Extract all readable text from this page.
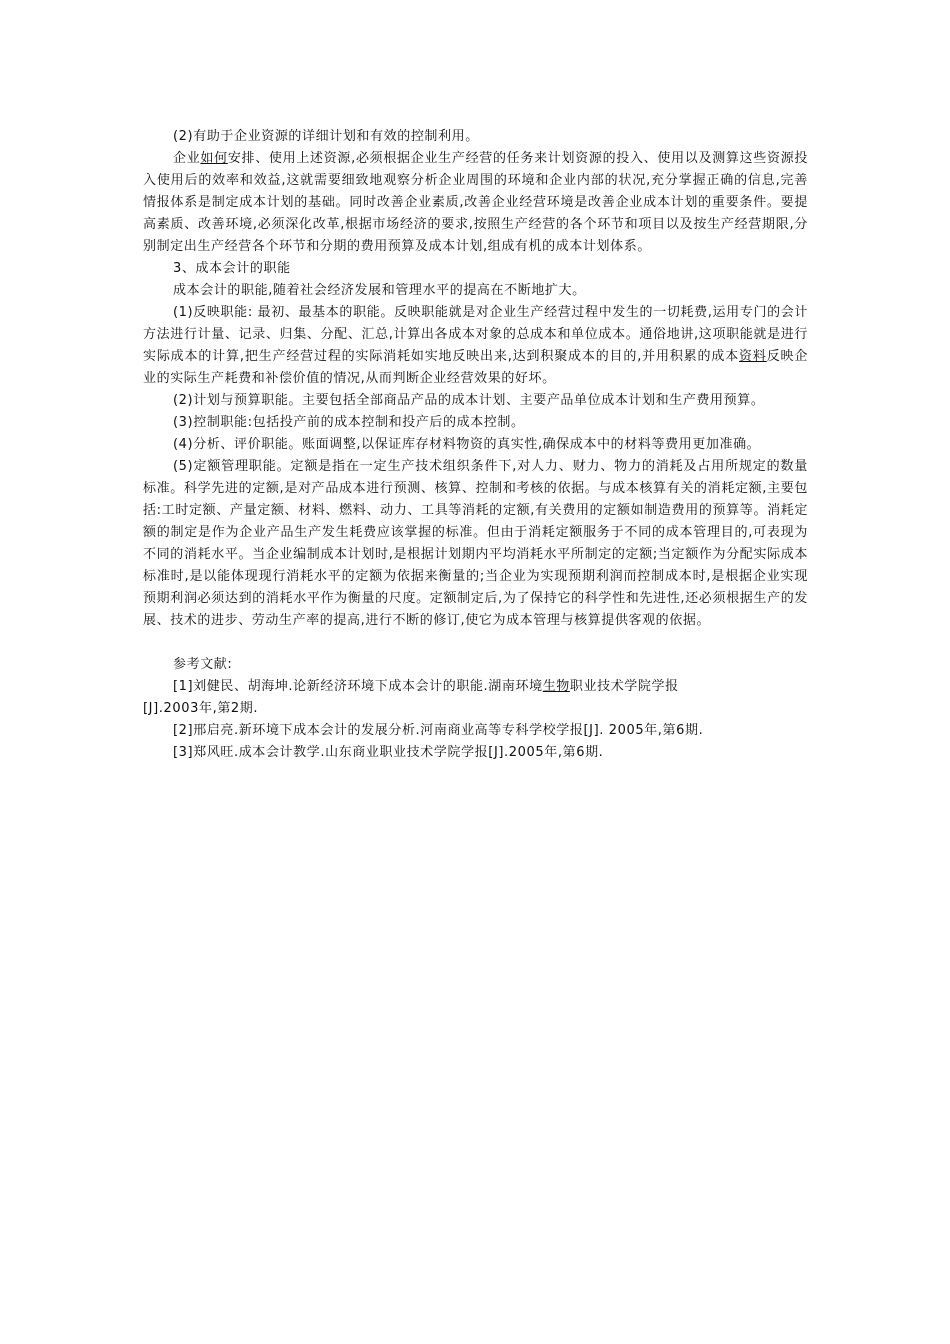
(2)有助于企业资源的详细计划和有效的控制利用。

企业如何安排、使用上述资源,必须根据企业生产经营的任务来计划资源的投入、使用以及测算这些资源投入使用后的效率和效益,这就需要细致地观察分析企业周围的环境和企业内部的状况,充分掌握正确的信息,完善情报体系是制定成本计划的基础。同时改善企业素质,改善企业经营环境是改善企业成本计划的重要条件。要提高素质、改善环境,必须深化改革,根据市场经济的要求,按照生产经营的各个环节和项目以及按生产经营期限,分别制定出生产经营各个环节和分期的费用预算及成本计划,组成有机的成本计划体系。

3、成本会计的职能

成本会计的职能,随着社会经济发展和管理水平的提高在不断地扩大。

(1)反映职能: 最初、最基本的职能。反映职能就是对企业生产经营过程中发生的一切耗费,运用专门的会计方法进行计量、记录、归集、分配、汇总,计算出各成本对象的总成本和单位成本。通俗地讲,这项职能就是进行实际成本的计算,把生产经营过程的实际消耗如实地反映出来,达到积聚成本的目的,并用积累的成本资料反映企业的实际生产耗费和补偿价值的情况,从而判断企业经营效果的好坏。

(2)计划与预算职能。主要包括全部商品产品的成本计划、主要产品单位成本计划和生产费用预算。

(3)控制职能:包括投产前的成本控制和投产后的成本控制。

(4)分析、评价职能。账面调整,以保证库存材料物资的真实性,确保成本中的材料等费用更加准确。

(5)定额管理职能。定额是指在一定生产技术组织条件下,对人力、财力、物力的消耗及占用所规定的数量标准。科学先进的定额,是对产品成本进行预测、核算、控制和考核的依据。与成本核算有关的消耗定额,主要包括:工时定额、产量定额、材料、燃料、动力、工具等消耗的定额,有关费用的定额如制造费用的预算等。消耗定额的制定是作为企业产品生产发生耗费应该掌握的标准。但由于消耗定额服务于不同的成本管理目的,可表现为不同的消耗水平。当企业编制成本计划时,是根据计划期内平均消耗水平所制定的定额;当定额作为分配实际成本标准时,是以能体现现行消耗水平的定额为依据来衡量的;当企业为实现预期利润而控制成本时,是根据企业实现预期利润必须达到的消耗水平作为衡量的尺度。定额制定后,为了保持它的科学性和先进性,还必须根据生产的发展、技术的进步、劳动生产率的提高,进行不断的修订,使它为成本管理与核算提供客观的依据。

参考文献:

[1]刘健民、胡海坤.论新经济环境下成本会计的职能.湖南环境生物职业技术学院学报

[J].2003年,第2期.

[2]邢启亮.新环境下成本会计的发展分析.河南商业高等专科学校学报[J]. 2005年,第6期.

[3]郑风旺.成本会计教学.山东商业职业技术学院学报[J].2005年,第6期.
